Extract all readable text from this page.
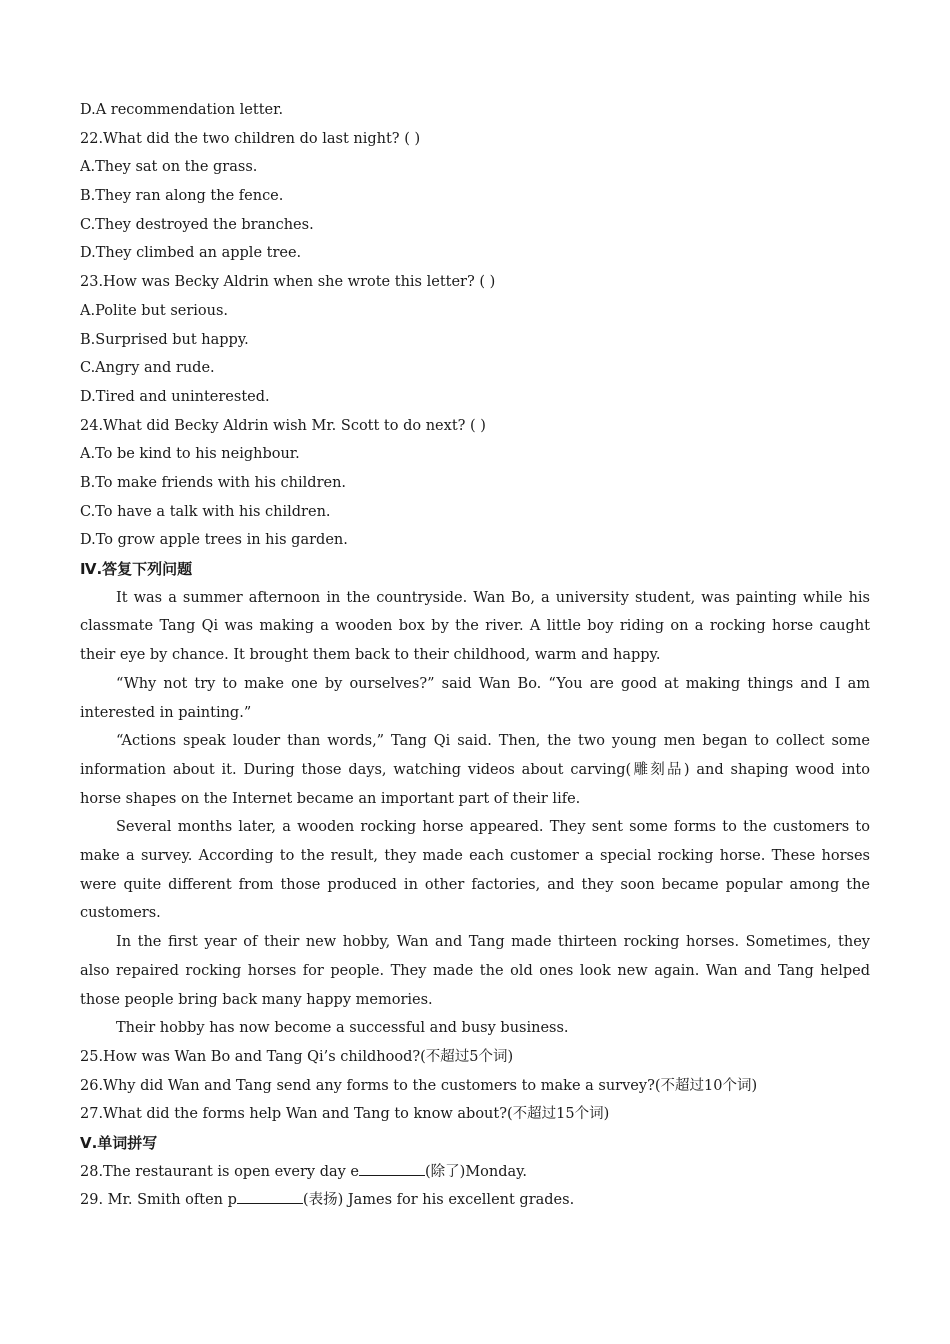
D.A recommendation letter.
22.What did the two children do last night? ( )
A.They sat on the grass.
B.They ran along the fence.
C.They destroyed the branches.
D.They climbed an apple tree.
23.How was Becky Aldrin when she wrote this letter? ( )
A.Polite but serious.
B.Surprised but happy.
C.Angry and rude.
D.Tired and uninterested.
24.What did Becky Aldrin wish Mr. Scott to do next? ( )
A.To be kind to his neighbour.
B.To make friends with his children.
C.To have a talk with his children.
D.To grow apple trees in his garden.
Ⅳ.答复下列问题

It was a summer afternoon in the countryside. Wan Bo, a university student, was painting while his classmate Tang Qi was making a wooden box by the river. A little boy riding on a rocking horse caught their eye by chance. It brought them back to their childhood, warm and happy.

“Why not try to make one by ourselves?” said Wan Bo. “You are good at making things and I am interested in painting.”

“Actions speak louder than words,” Tang Qi said. Then, the two young men began to collect some information about it. During those days, watching videos about carving(雕刻品) and shaping wood into horse shapes on the Internet became an important part of their life.

Several months later, a wooden rocking horse appeared. They sent some forms to the customers to make a survey. According to the result, they made each customer a special rocking horse. These horses were quite different from those produced in other factories, and they soon became popular among the customers.

In the first year of their new hobby, Wan and Tang made thirteen rocking horses. Sometimes, they also repaired rocking horses for people. They made the old ones look new again. Wan and Tang helped those people bring back many happy memories.

Their hobby has now become a successful and busy business.

25.How was Wan Bo and Tang Qi’s childhood?(不超过5个词)
26.Why did Wan and Tang send any forms to the customers to make a survey?(不超过10个词)
27.What did the forms help Wan and Tang to know about?(不超过15个词)
Ⅴ.单词拼写
28.The restaurant is open every day e	(除了)Monday.
29. Mr. Smith often p	(表扬) James for his excellent grades.
